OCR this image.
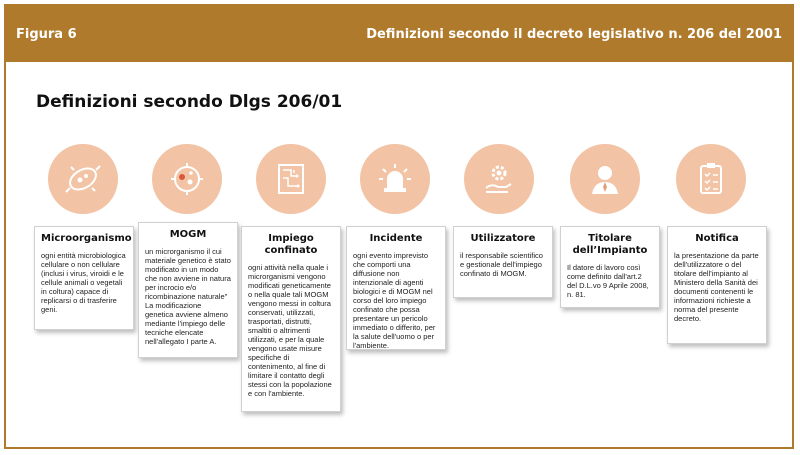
Figura 6	Definizioni secondo il decreto legislativo n. 206 del 2001
Definizioni secondo Dlgs 206/01
Microorganismo

ogni entità microbiologica cellulare o non cellulare (inclusi i virus, viroidi e le cellule animali o vegetali in coltura) capace di replicarsi o di trasferire geni.

MOGM

un microrganismo il cui materiale genetico è stato modificato in un modo che non avviene in natura per incrocio e/o ricombinazione naturale" La modificazione genetica avviene almeno mediante l'impiego delle tecniche elencate nell'allegato I parte A.

Impiego confinato

ogni attività nella quale i microrganismi vengono modificati geneticamente o nella quale tali MOGM vengono messi in coltura conservati, utilizzati, trasportati, distrutti, smaltiti o altrimenti utilizzati, e per la quale vengono usate misure specifiche di contenimento, al fine di limitare il contatto degli stessi con la popolazione e con l'ambiente.

Incidente

ogni evento imprevisto che comporti una diffusione non intenzionale di agenti biologici e di MOGM nel corso del loro impiego confinato che possa presentare un pericolo immediato o differito, per la salute dell'uomo o per l'ambiente.

Utilizzatore

il responsabile scientifico e gestionale dell'impiego confinato di MOGM.

Titolare dell’Impianto

Il datore di lavoro così come definito dall'art.2 del D.L.vo 9 Aprile 2008, n. 81.

Notifica

la presentazione da parte dell'utilizzatore o del titolare dell'impianto al Ministero della Sanità dei documenti contenenti le informazioni richieste a norma del presente decreto.
